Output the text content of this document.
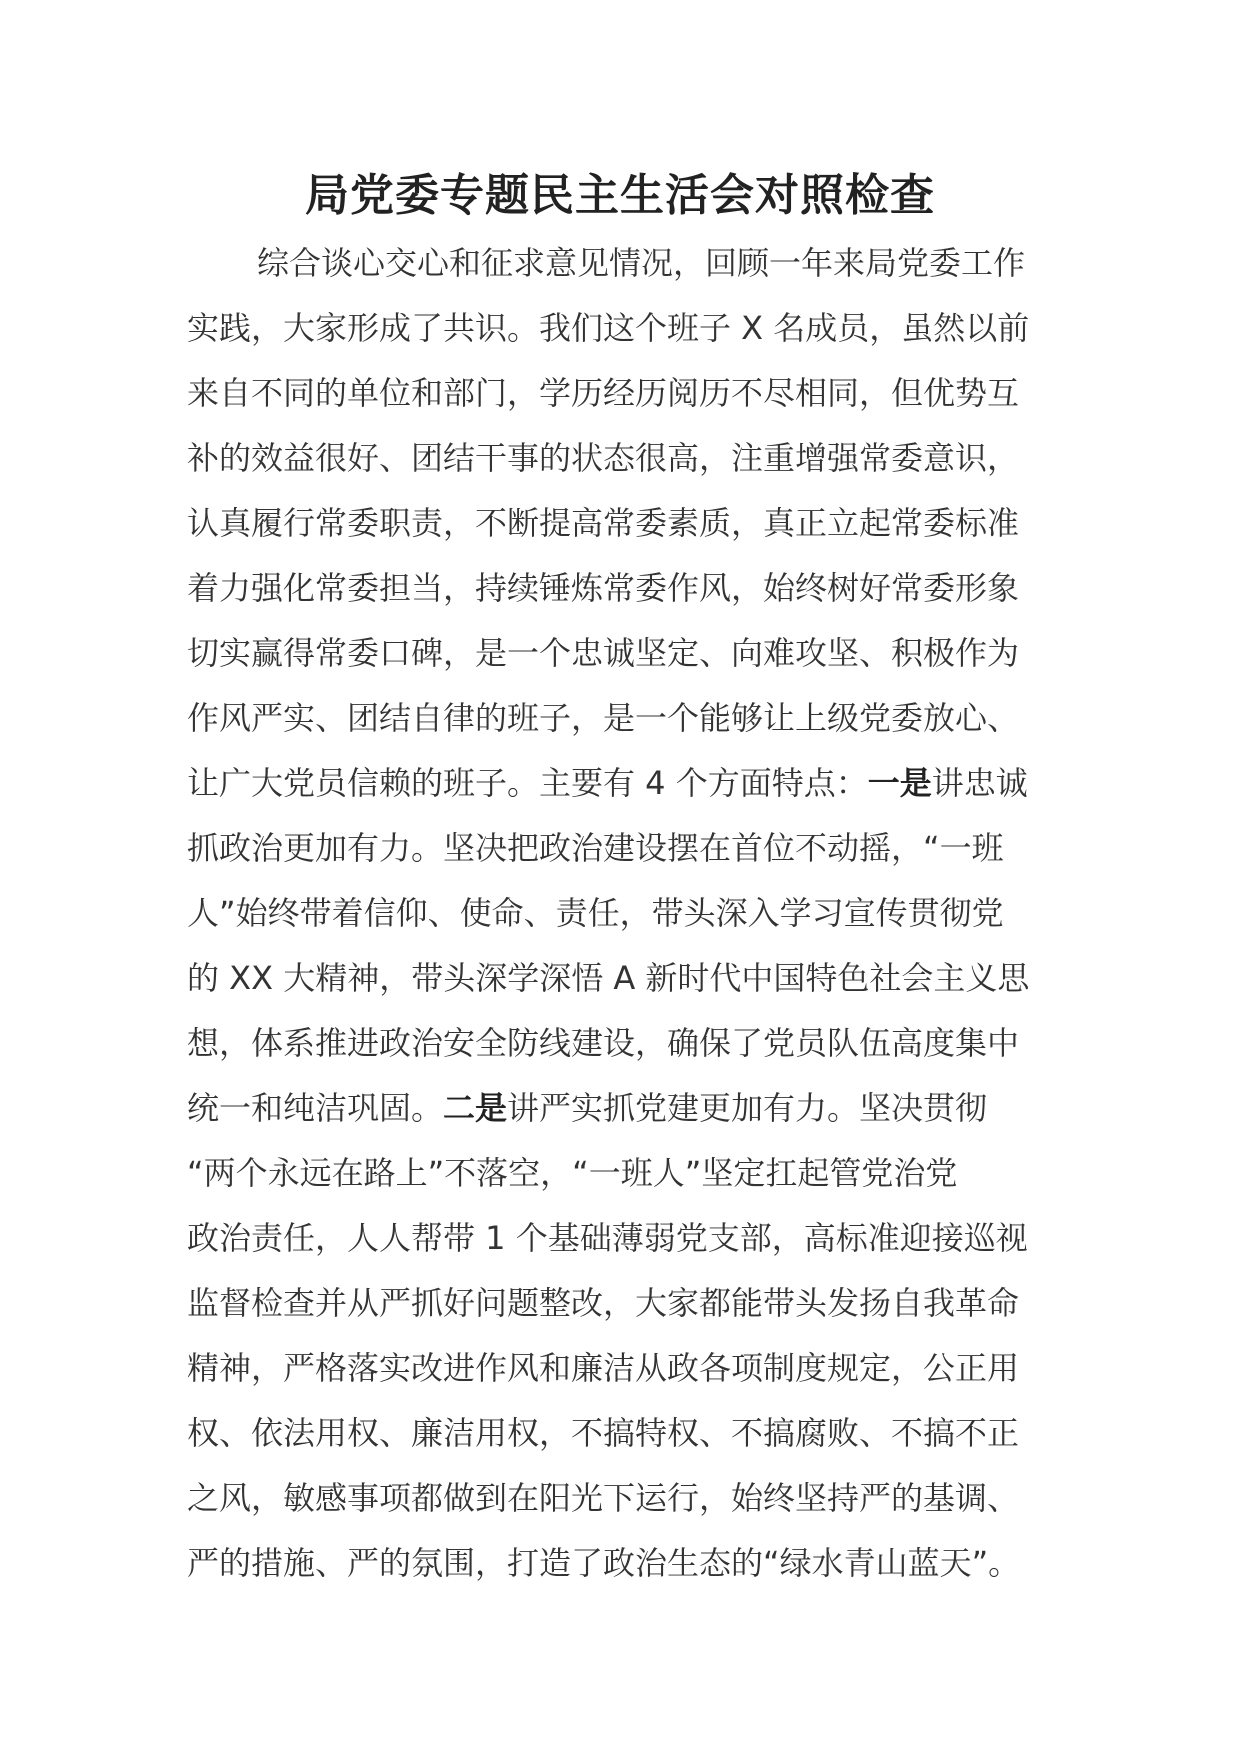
局党委专题民主生活会对照检查
综合谈心交心和征求意见情况，回顾一年来局党委工作
实践，大家形成了共识。我们这个班子 X 名成员，虽然以前
来自不同的单位和部门，学历经历阅历不尽相同，但优势互
补的效益很好、团结干事的状态很高，注重增强常委意识，
认真履行常委职责，不断提高常委素质，真正立起常委标准
着力强化常委担当，持续锤炼常委作风，始终树好常委形象
切实赢得常委口碑，是一个忠诚坚定、向难攻坚、积极作为
作风严实、团结自律的班子，是一个能够让上级党委放心、
让广大党员信赖的班子。主要有 4 个方面特点：一是讲忠诚
抓政治更加有力。坚决把政治建设摆在首位不动摇，“一班
人”始终带着信仰、使命、责任，带头深入学习宣传贯彻党
的 XX 大精神，带头深学深悟 A 新时代中国特色社会主义思
想，体系推进政治安全防线建设，确保了党员队伍高度集中
统一和纯洁巩固。二是讲严实抓党建更加有力。坚决贯彻
“两个永远在路上”不落空，“一班人”坚定扛起管党治党
政治责任，人人帮带 1 个基础薄弱党支部，高标准迎接巡视
监督检查并从严抓好问题整改，大家都能带头发扬自我革命
精神，严格落实改进作风和廉洁从政各项制度规定，公正用
权、依法用权、廉洁用权，不搞特权、不搞腐败、不搞不正
之风，敏感事项都做到在阳光下运行，始终坚持严的基调、
严的措施、严的氛围，打造了政治生态的“绿水青山蓝天”。
